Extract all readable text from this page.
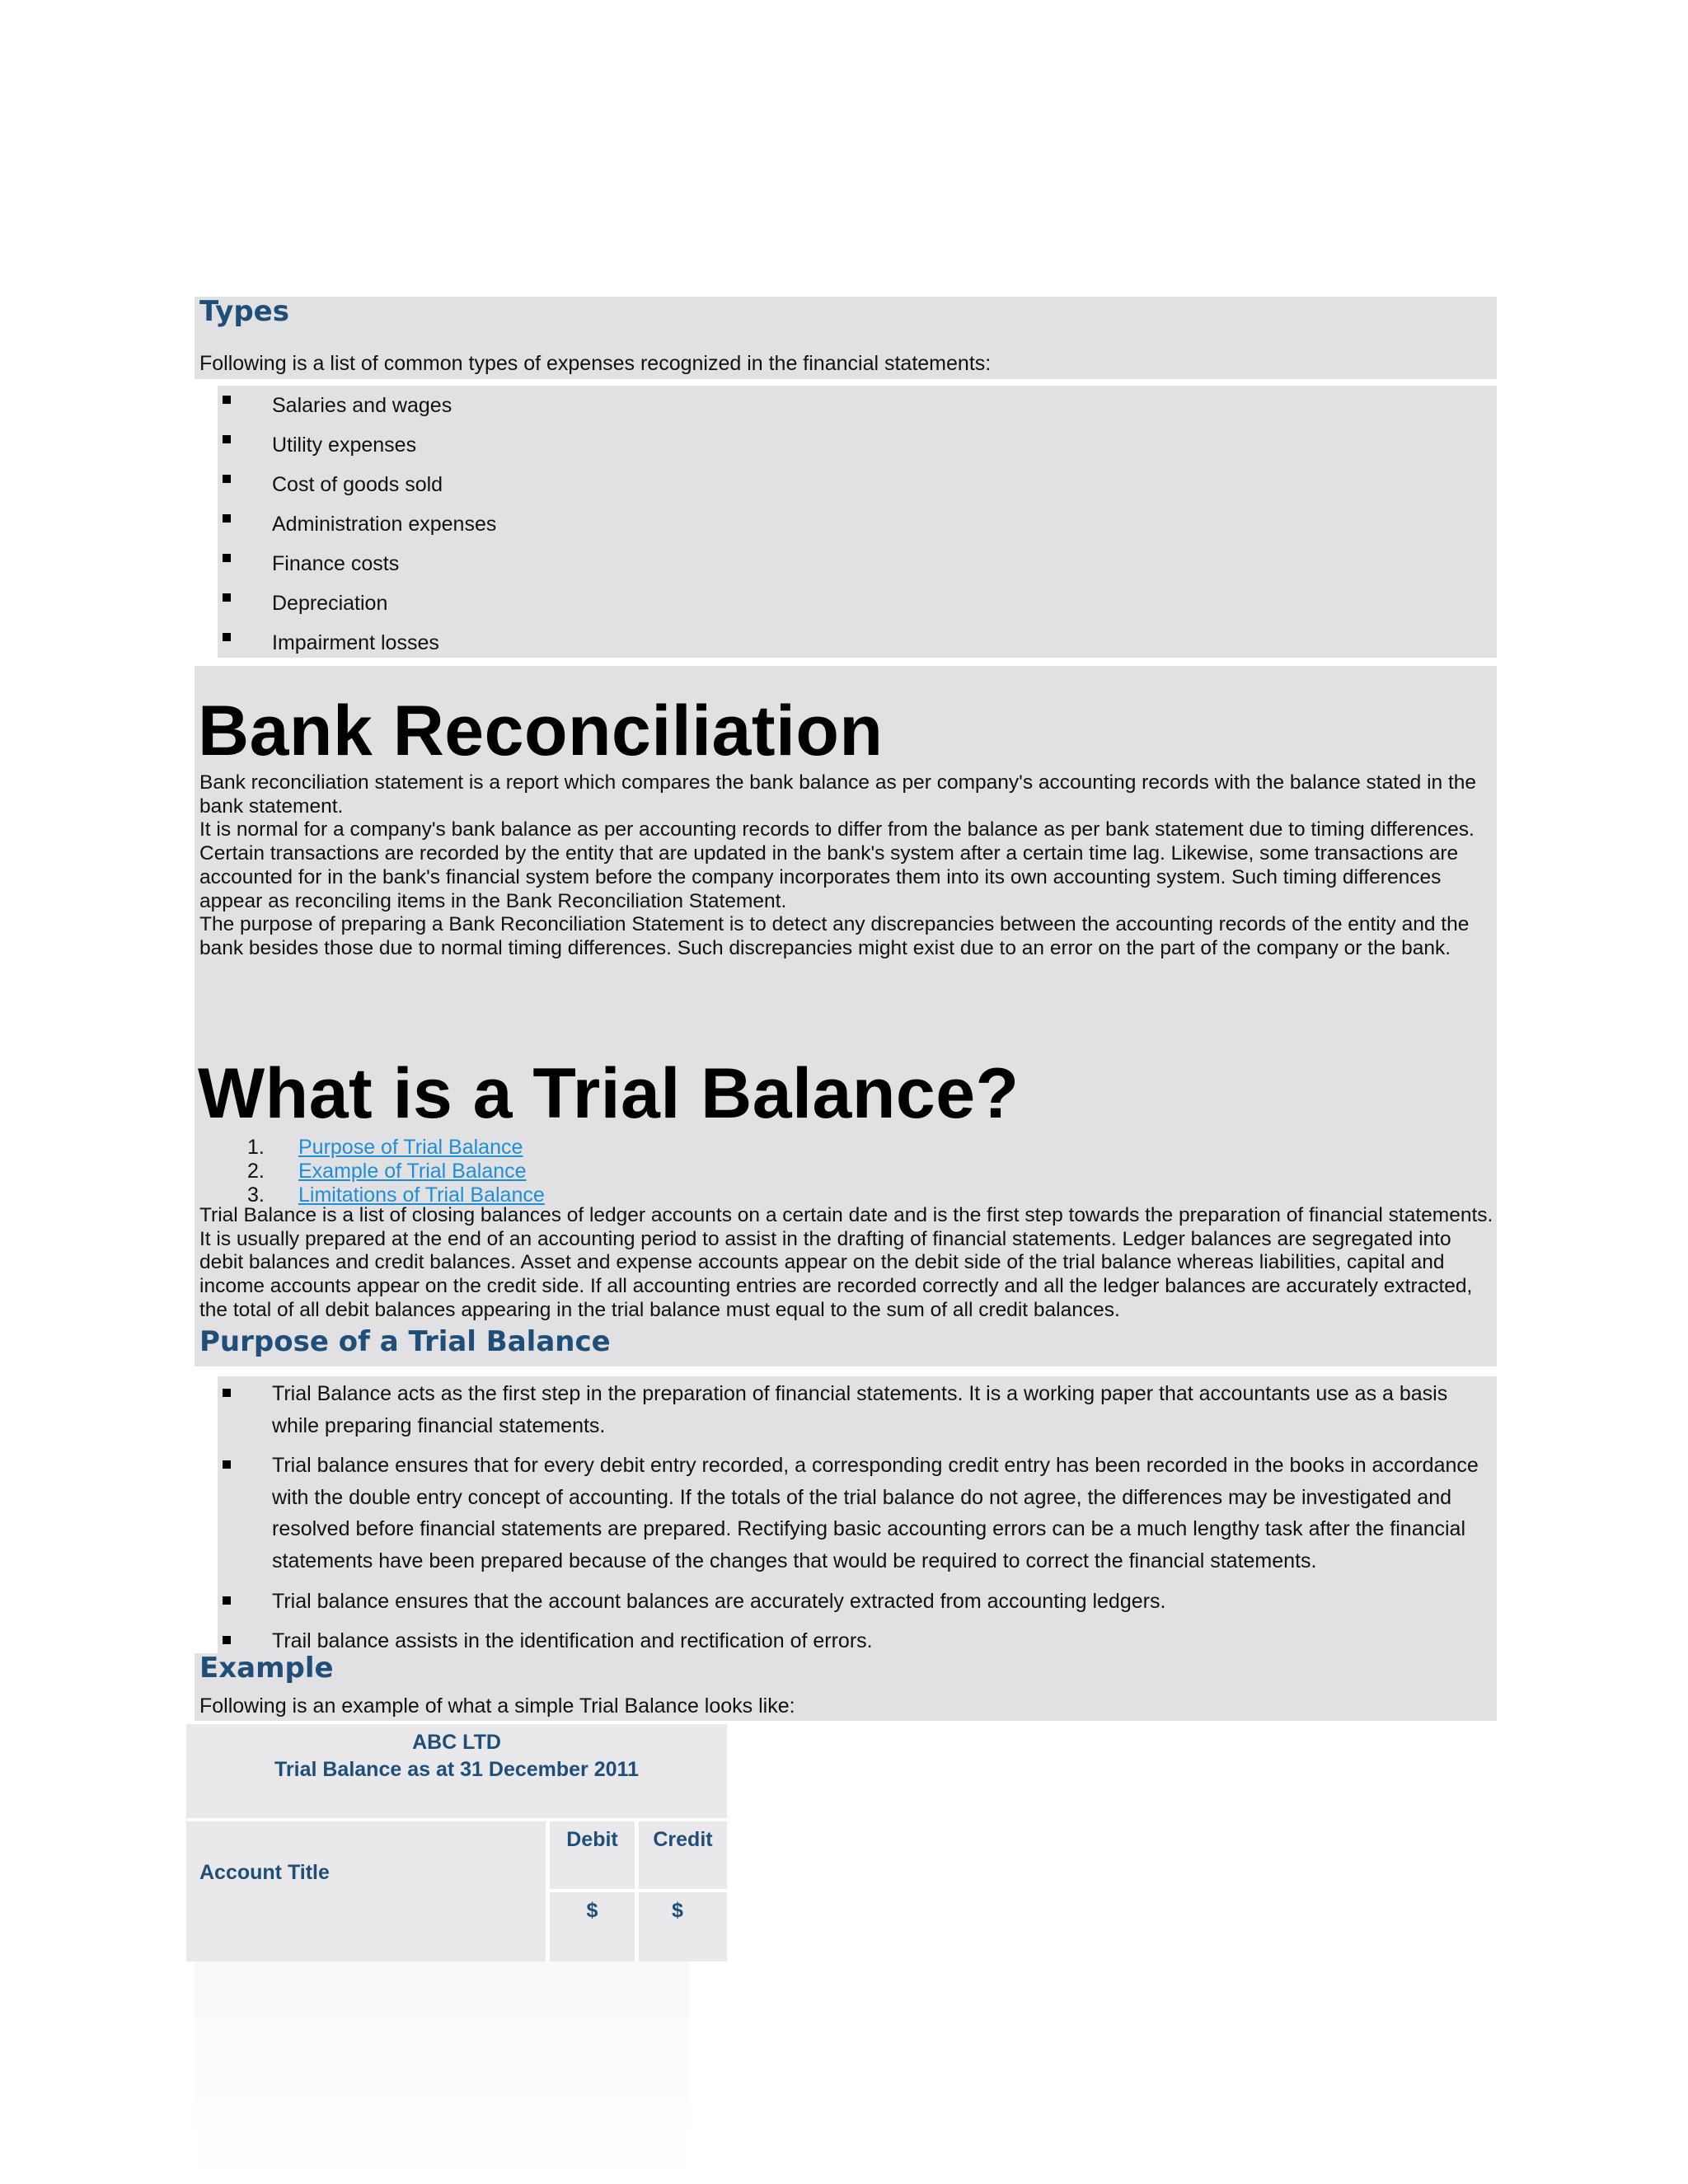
Types

Following is a list of common types of expenses recognized in the financial statements:

Salaries and wages
Utility expenses
Cost of goods sold
Administration expenses
Finance costs
Depreciation
Impairment losses
Bank Reconciliation
Bank reconciliation statement is a report which compares the bank balance as per company's accounting records with the balance stated in the bank statement.
It is normal for a company's bank balance as per accounting records to differ from the balance as per bank statement due to timing differences. Certain transactions are recorded by the entity that are updated in the bank's system after a certain time lag. Likewise, some transactions are accounted for in the bank's financial system before the company incorporates them into its own accounting system. Such timing differences appear as reconciling items in the Bank Reconciliation Statement.
The purpose of preparing a Bank Reconciliation Statement is to detect any discrepancies between the accounting records of the entity and the bank besides those due to normal timing differences. Such discrepancies might exist due to an error on the part of the company or the bank.
What is a Trial Balance?
1. Purpose of Trial Balance
2. Example of Trial Balance
3. Limitations of Trial Balance

Trial Balance is a list of closing balances of ledger accounts on a certain date and is the first step towards the preparation of financial statements. It is usually prepared at the end of an accounting period to assist in the drafting of financial statements. Ledger balances are segregated into debit balances and credit balances. Asset and expense accounts appear on the debit side of the trial balance whereas liabilities, capital and income accounts appear on the credit side. If all accounting entries are recorded correctly and all the ledger balances are accurately extracted, the total of all debit balances appearing in the trial balance must equal to the sum of all credit balances.

Purpose of a Trial Balance
Trial Balance acts as the first step in the preparation of financial statements. It is a working paper that accountants use as a basis while preparing financial statements.
Trial balance ensures that for every debit entry recorded, a corresponding credit entry has been recorded in the books in accordance with the double entry concept of accounting. If the totals of the trial balance do not agree, the differences may be investigated and resolved before financial statements are prepared. Rectifying basic accounting errors can be a much lengthy task after the financial statements have been prepared because of the changes that would be required to correct the financial statements.
Trial balance ensures that the account balances are accurately extracted from accounting ledgers.
Trail balance assists in the identification and rectification of errors.
Example

Following is an example of what a simple Trial Balance looks like:

ABC LTD
Trial Balance as at 31 December 2011
Account Title
Debit	Credit
$	$
